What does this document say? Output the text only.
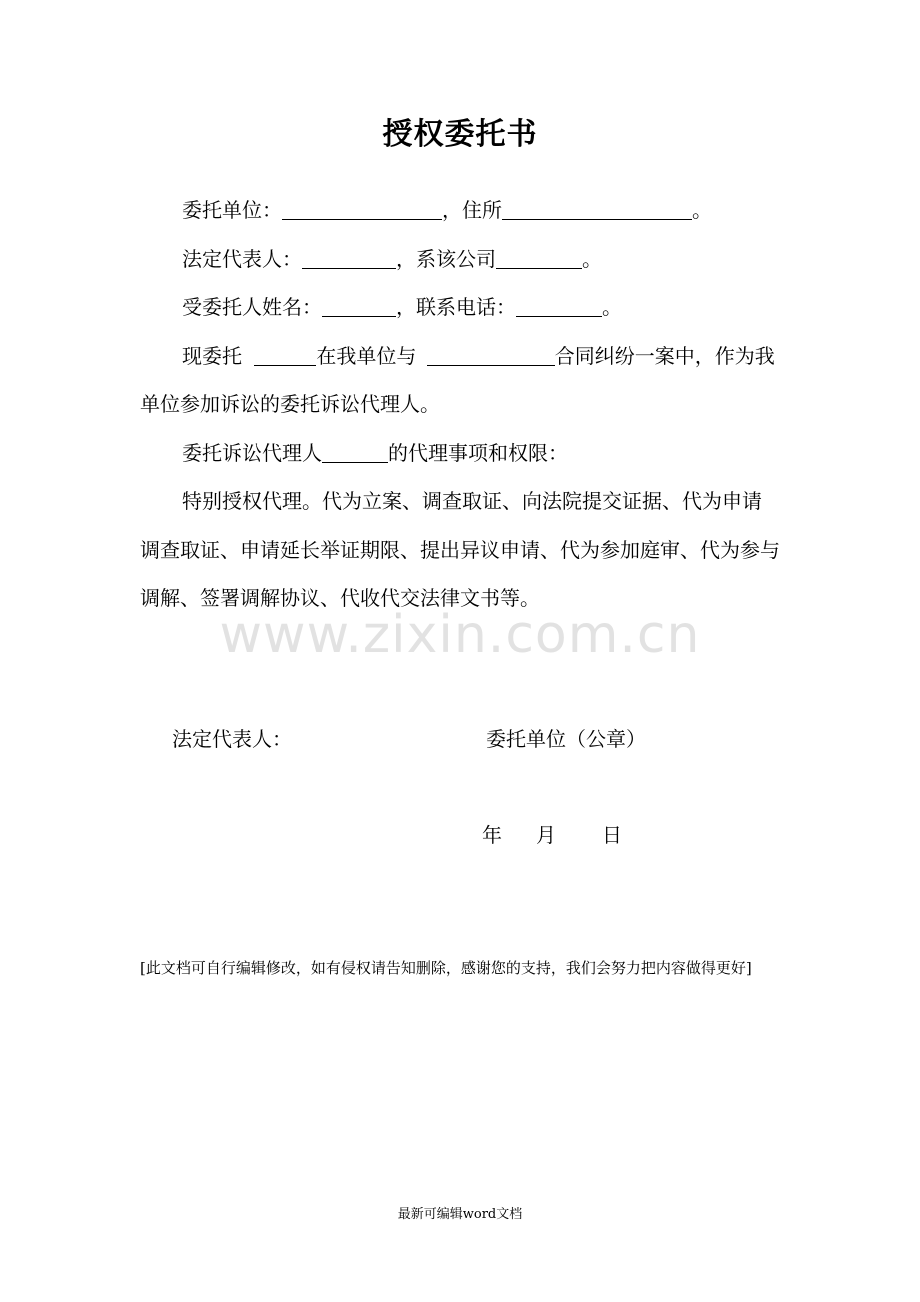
授权委托书

委托单位：	，住所	。

法定代表人：	，系该公司	。

受委托人姓名：	，联系电话：	。

现委托	在我单位与	合同纠纷一案中，作为我单位参加诉讼的委托诉讼代理人。

委托诉讼代理人	的代理事项和权限：

特别授权代理。代为立案、调查取证、向法院提交证据、代为申请调查取证、申请延长举证期限、提出异议申请、代为参加庭审、代为参与调解、签署调解协议、代收代交法律文书等。

www.zixin.com.cn
法定代表人：	委托单位（公章）
年 月 日
[此文档可自行编辑修改，如有侵权请告知删除，感谢您的支持，我们会努力把内容做得更好]
最新可编辑word文档
